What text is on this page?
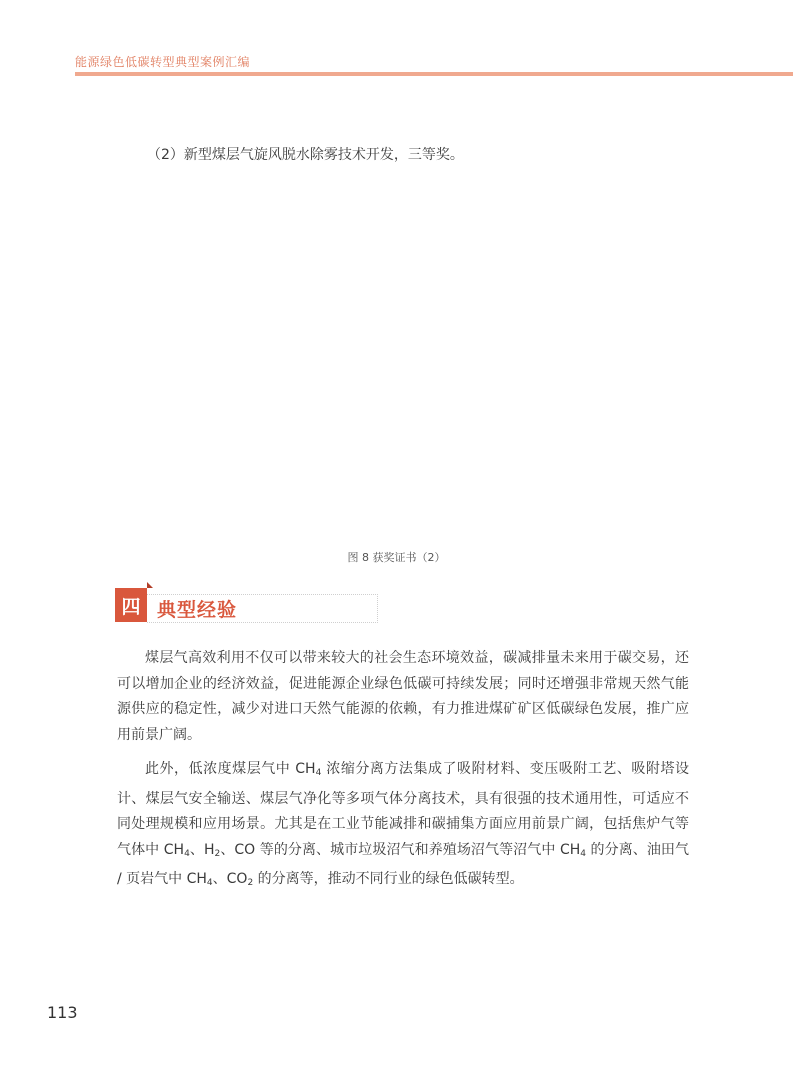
能源绿色低碳转型典型案例汇编
（2）新型煤层气旋风脱水除雾技术开发，三等奖。
图 8 获奖证书（2）
四 典型经验

煤层气高效利用不仅可以带来较大的社会生态环境效益，碳减排量未来用于碳交易，还可以增加企业的经济效益，促进能源企业绿色低碳可持续发展；同时还增强非常规天然气能源供应的稳定性，减少对进口天然气能源的依赖，有力推进煤矿矿区低碳绿色发展，推广应用前景广阔。

此外，低浓度煤层气中 $CH_4$ 浓缩分离方法集成了吸附材料、变压吸附工艺、吸附塔设计、煤层气安全输送、煤层气净化等多项气体分离技术，具有很强的技术通用性，可适应不同处理规模和应用场景。尤其是在工业节能减排和碳捕集方面应用前景广阔，包括焦炉气等气体中 $CH_4$、$H_2$、CO 等的分离、城市垃圾沼气和养殖场沼气等沼气中 $CH_4$ 的分离、油田气 / 页岩气中 $CH_4$、$CO_2$ 的分离等，推动不同行业的绿色低碳转型。

113
